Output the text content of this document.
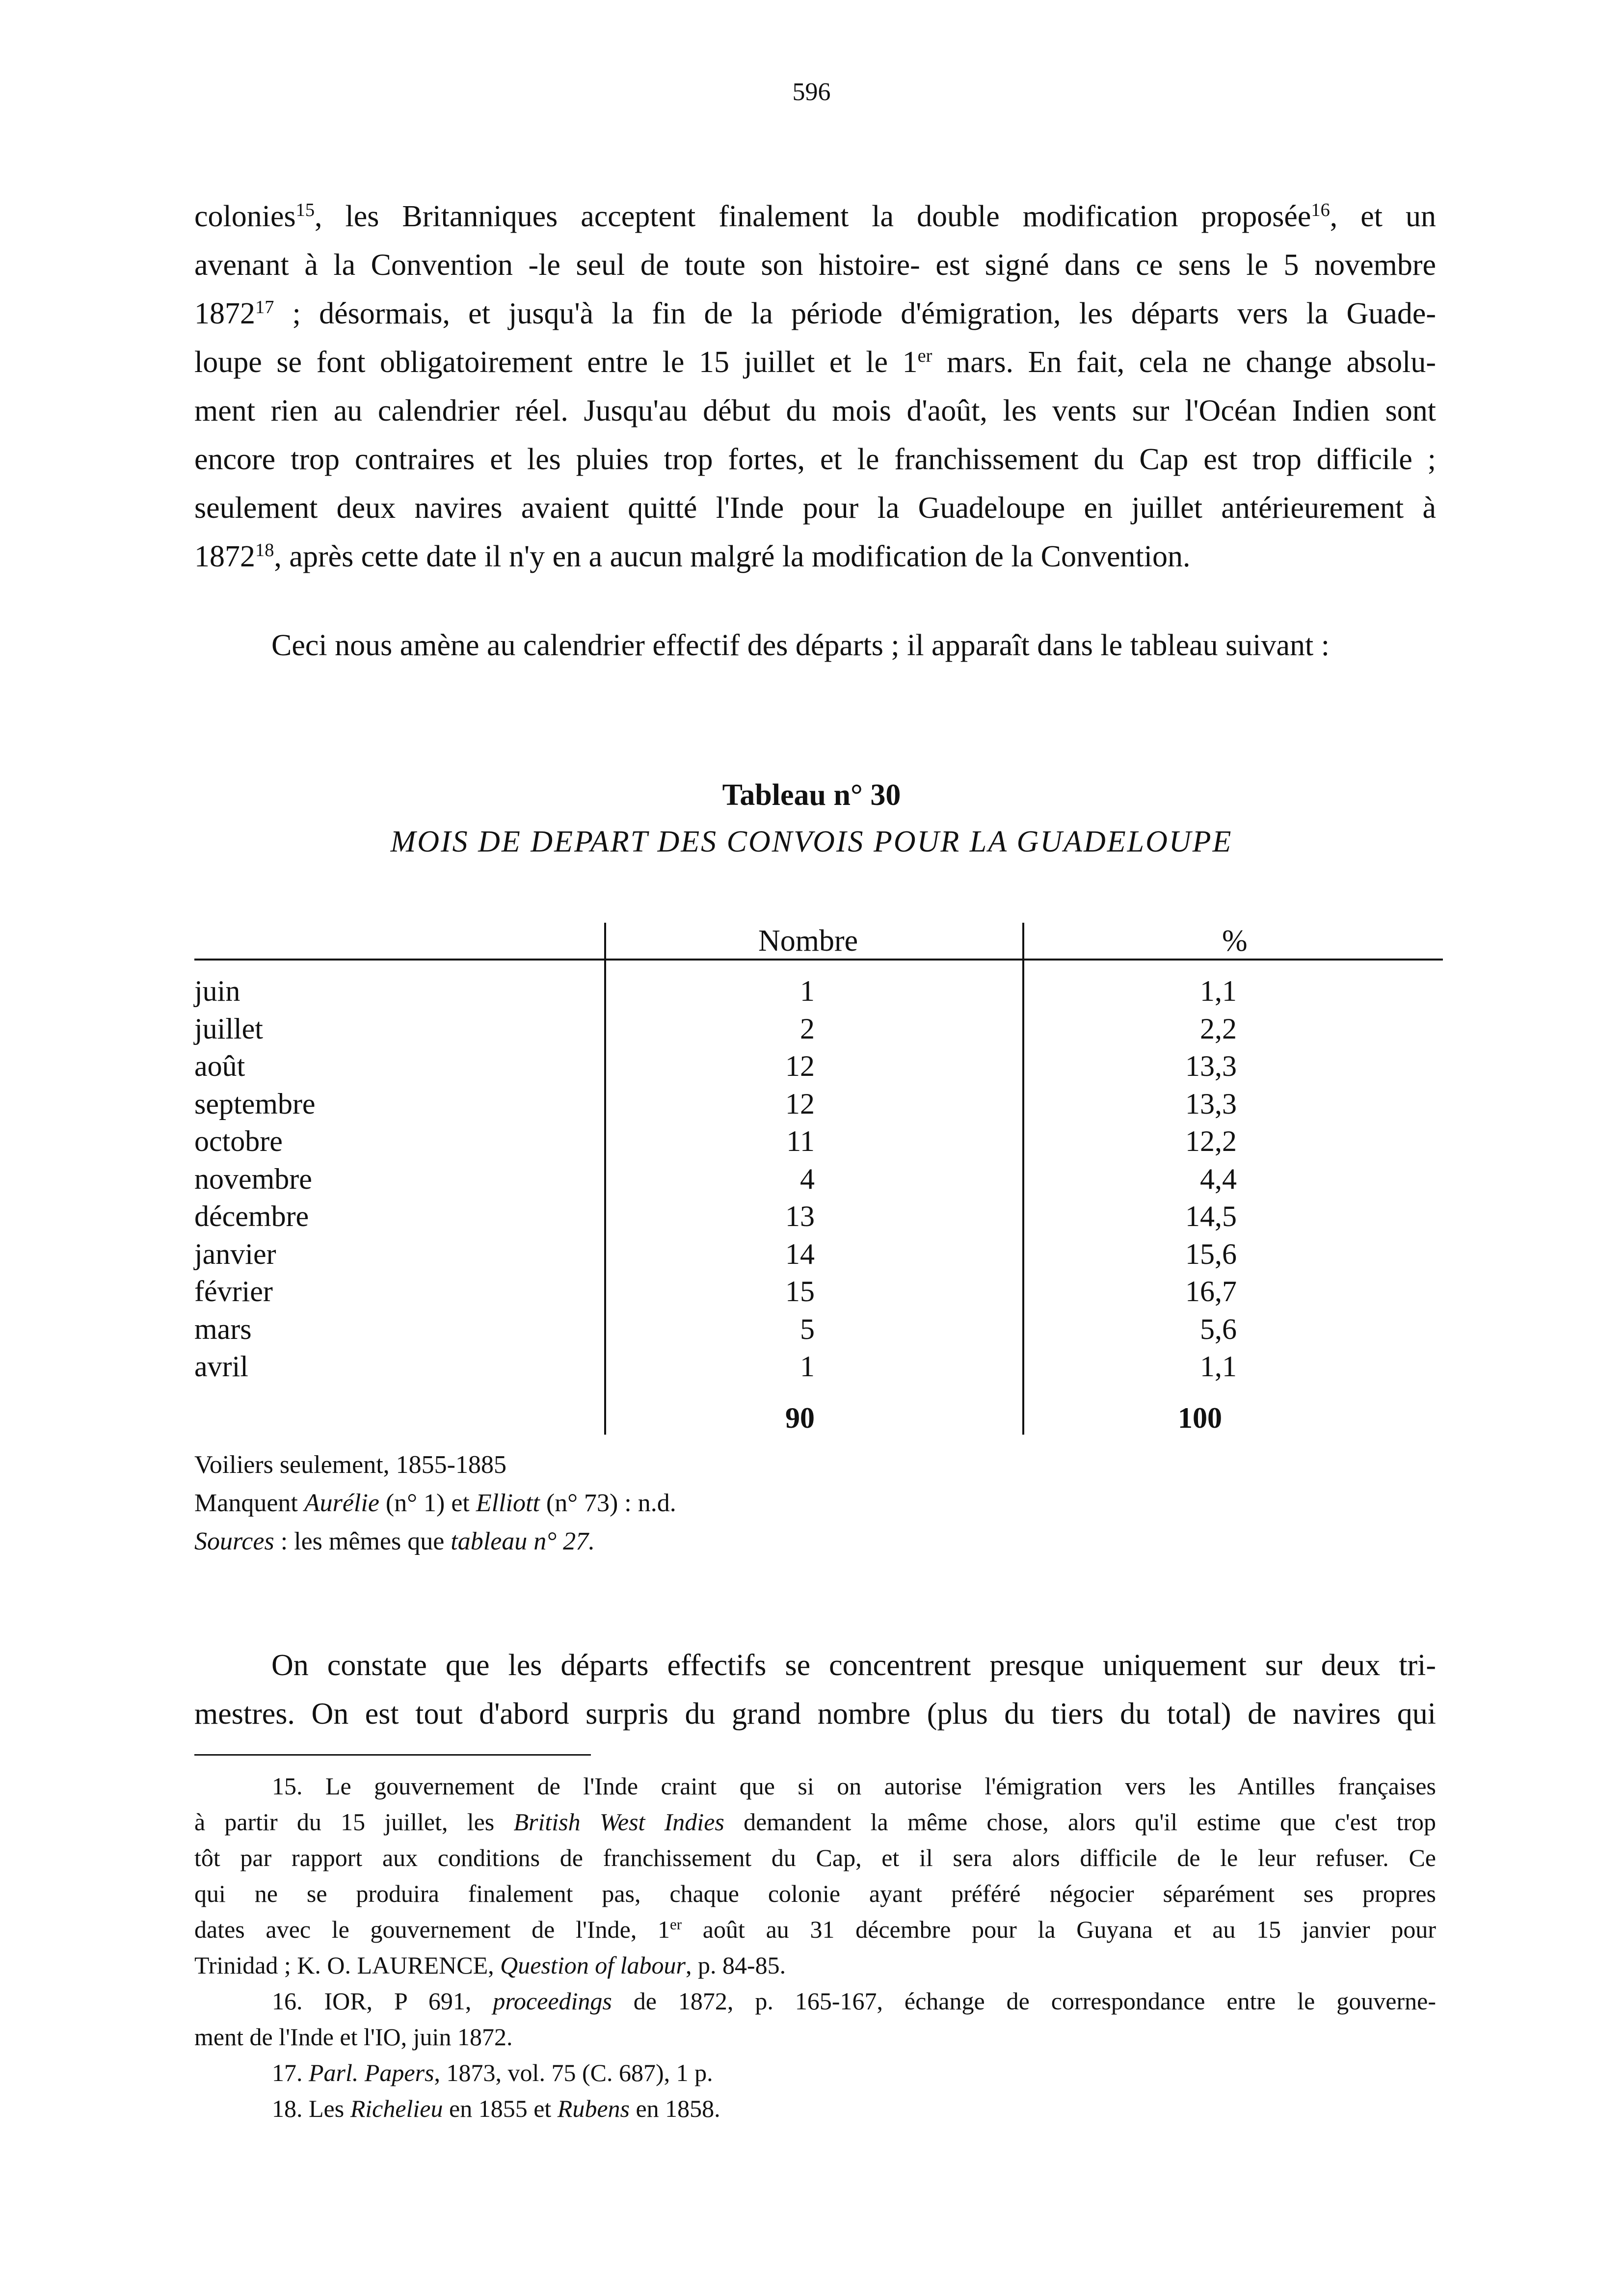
596
colonies$^{15}$, les Britanniques acceptent finalement la double modification proposée$^{16}$, et un
avenant à la Convention -le seul de toute son histoire- est signé dans ce sens le 5 novembre
1872$^{17}$ ; désormais, et jusqu'à la fin de la période d'émigration, les départs vers la Guade-
loupe se font obligatoirement entre le 15 juillet et le 1er mars. En fait, cela ne change absolu-
ment rien au calendrier réel. Jusqu'au début du mois d'août, les vents sur l'Océan Indien sont
encore trop contraires et les pluies trop fortes, et le franchissement du Cap est trop difficile ;
seulement deux navires avaient quitté l'Inde pour la Guadeloupe en juillet antérieurement à
1872$^{18}$, après cette date il n'y en a aucun malgré la modification de la Convention.
Ceci nous amène au calendrier effectif des départs ; il apparaît dans le tableau suivant :
Tableau n° 30
MOIS DE DEPART DES CONVOIS POUR LA GUADELOUPE
Nombre	%
juin	1	1,1
juillet	2	2,2
août	12	13,3
septembre	12	13,3
octobre	11	12,2
novembre	4	4,4
décembre	13	14,5
janvier	14	15,6
février	15	16,7
mars	5	5,6
avril	1	1,1
90	100
Voiliers seulement, 1855-1885
Manquent Aurélie (n° 1) et Elliott (n° 73) : n.d.
Sources : les mêmes que tableau n° 27.
On constate que les départs effectifs se concentrent presque uniquement sur deux tri-
mestres. On est tout d'abord surpris du grand nombre (plus du tiers du total) de navires qui
15. Le gouvernement de l'Inde craint que si on autorise l'émigration vers les Antilles françaises
à partir du 15 juillet, les British West Indies demandent la même chose, alors qu'il estime que c'est trop
tôt par rapport aux conditions de franchissement du Cap, et il sera alors difficile de le leur refuser. Ce
qui ne se produira finalement pas, chaque colonie ayant préféré négocier séparément ses propres
dates avec le gouvernement de l'Inde, 1er août au 31 décembre pour la Guyana et au 15 janvier pour
Trinidad ; K. O. LAURENCE, Question of labour, p. 84-85.
16. IOR, P 691, proceedings de 1872, p. 165-167, échange de correspondance entre le gouverne-
ment de l'Inde et l'IO, juin 1872.
17. Parl. Papers, 1873, vol. 75 (C. 687), 1 p.
18. Les Richelieu en 1855 et Rubens en 1858.
